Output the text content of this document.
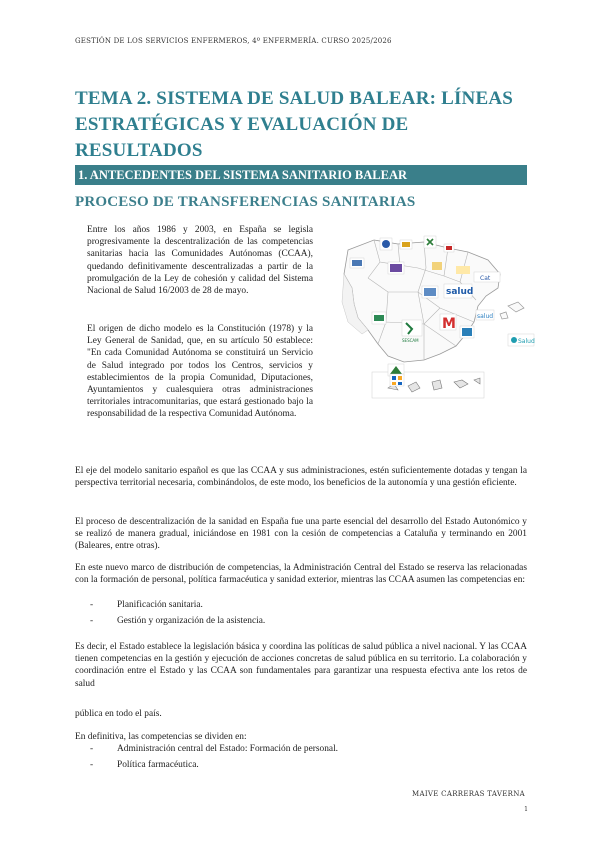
GESTIÓN DE LOS SERVICIOS ENFERMEROS, 4º ENFERMERÍA. CURSO 2025/2026
TEMA 2. SISTEMA DE SALUD BALEAR: LÍNEAS
ESTRATÉGICAS Y EVALUACIÓN DE RESULTADOS
1. ANTECEDENTES DEL SISTEMA SANITARIO BALEAR
PROCESO DE TRANSFERENCIAS SANITARIAS
Entre los años 1986 y 2003, en España se legisla progresivamente la descentralización de las competencias sanitarias hacia las Comunidades Autónomas (CCAA), quedando definitivamente descentralizadas a partir de la promulgación de la Ley de cohesión y calidad del Sistema Nacional de Salud 16/2003 de 28 de mayo.
El origen de dicho modelo es la Constitución (1978) y la Ley General de Sanidad, que, en su artículo 50 establece: "En cada Comunidad Autónoma se constituirá un Servicio de Salud integrado por todos los Centros, servicios y establecimientos de la propia Comunidad, Diputaciones, Ayuntamientos y cualesquiera otras administraciones territoriales intracomunitarias, que estará gestionado bajo la responsabilidad de la respectiva Comunidad Autónoma.
Cat
salud
SESCAM
M	salud
Salud
El eje del modelo sanitario español es que las CCAA y sus administraciones, estén suficientemente dotadas y tengan la perspectiva territorial necesaria, combinándolos, de este modo, los beneficios de la autonomía y una gestión eficiente.
El proceso de descentralización de la sanidad en España fue una parte esencial del desarrollo del Estado Autonómico y se realizó de manera gradual, iniciándose en 1981 con la cesión de competencias a Cataluña y terminando en 2001 (Baleares, entre otras).
En este nuevo marco de distribución de competencias, la Administración Central del Estado se reserva las relacionadas con la formación de personal, política farmacéutica y sanidad exterior, mientras las CCAA asumen las competencias en:
-	Planificación sanitaria.
-	Gestión y organización de la asistencia.
Es decir, el Estado establece la legislación básica y coordina las políticas de salud pública a nivel nacional. Y las CCAA tienen competencias en la gestión y ejecución de acciones concretas de salud pública en su territorio. La colaboración y coordinación entre el Estado y las CCAA son fundamentales para garantizar una respuesta efectiva ante los retos de salud
pública en todo el país.
En definitiva, las competencias se dividen en:
-	Administración central del Estado: Formación de personal.
-	Política farmacéutica.
MAIVE CARRERAS TAVERNA
1
